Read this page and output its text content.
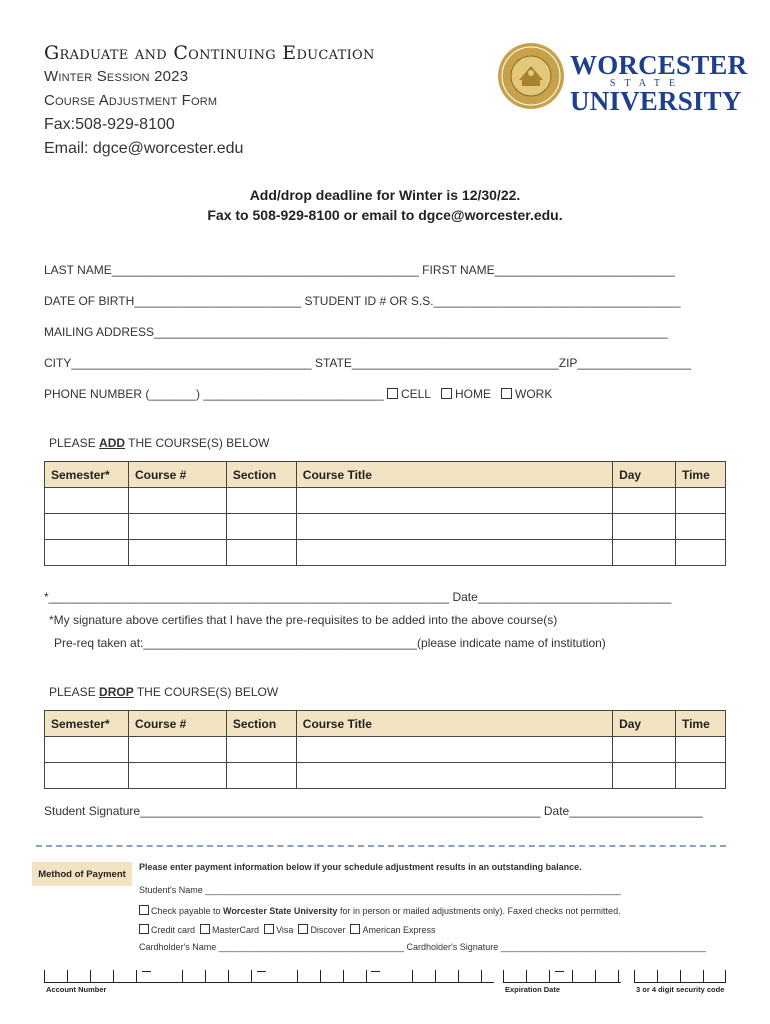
Graduate and Continuing Education
Winter Session 2023
Course Adjustment Form
Fax:508-929-8100
Email: dgce@worcester.edu
WORCESTER
STATE
UNIVERSITY
Add/drop deadline for Winter is 12/30/22.
Fax to 508-929-8100 or email to dgce@worcester.edu.
LAST NAME______________________________________________ FIRST NAME___________________________
DATE OF BIRTH_________________________ STUDENT ID # OR S.S._____________________________________
MAILING ADDRESS_____________________________________________________________________________
CITY____________________________________ STATE_______________________________ZIP_________________
PHONE NUMBER (_______) ___________________________ CELL HOME WORK
PLEASE ADD THE COURSE(S) BELOW
Semester*	Course #	Section	Course Title	Day	Time

*____________________________________________________________ Date_____________________________
*My signature above certifies that I have the pre-requisites to be added into the above course(s)
Pre-req taken at:_________________________________________(please indicate name of institution)
PLEASE DROP THE COURSE(S) BELOW
Semester*	Course #	Section	Course Title	Day	Time

Student Signature____________________________________________________________ Date____________________
Method of Payment
Please enter payment information below if your schedule adjustment results in an outstanding balance.
Student's Name ___________________________________________________________________________________
Check payable to Worcester State University for in person or mailed adjustments only). Faxed checks not permitted.
Credit card MasterCard Visa Discover American Express
Cardholder's Name _____________________________________ Cardholder's Signature _________________________________________
Account Number	Expiration Date	3 or 4 digit security code
